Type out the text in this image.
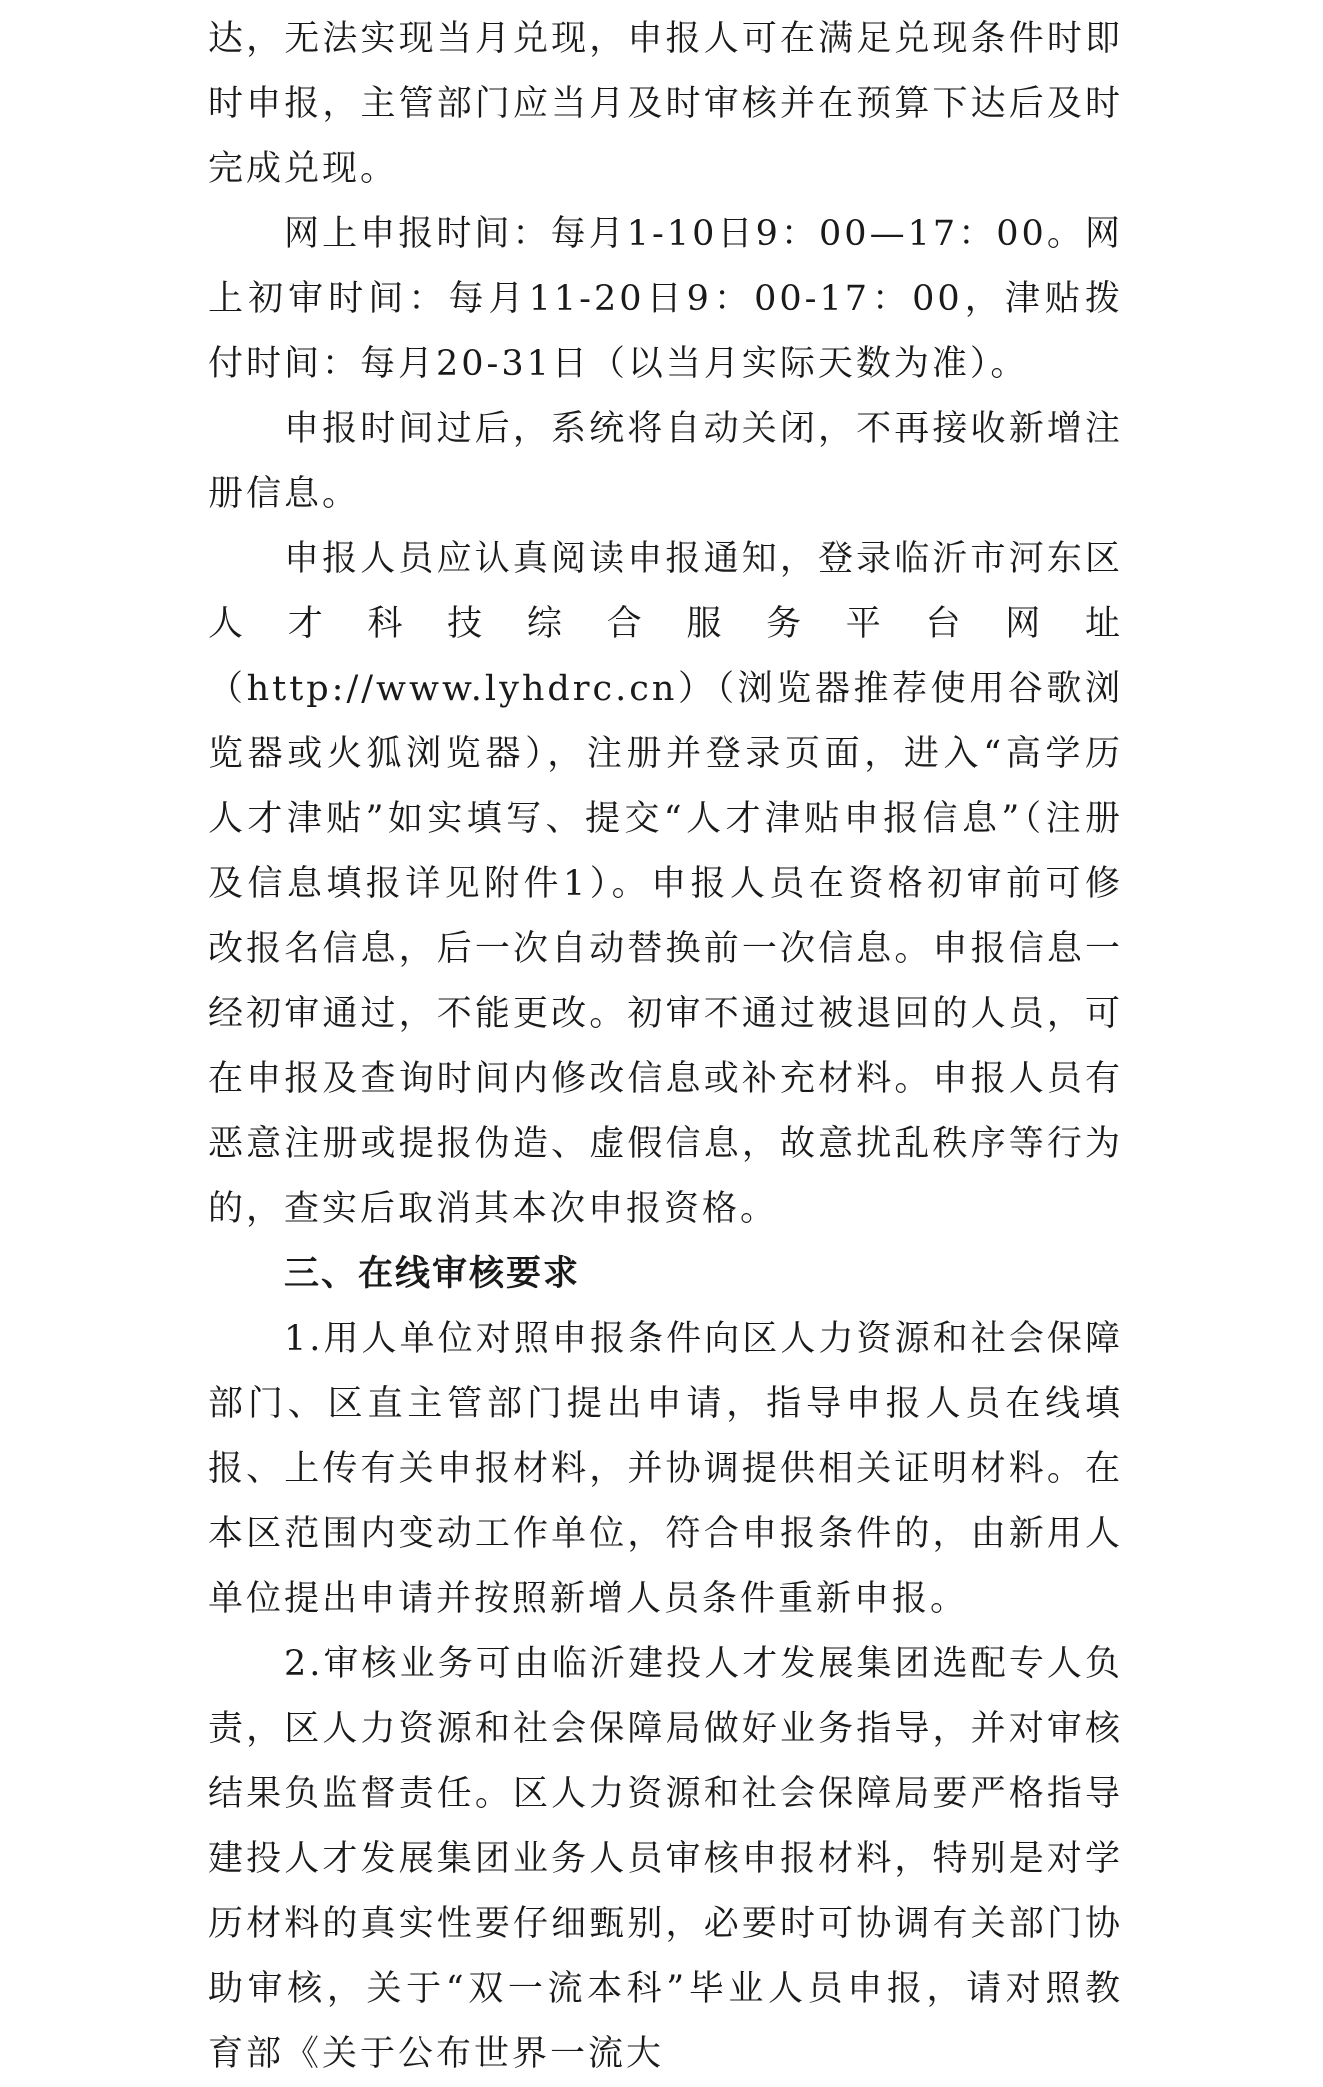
达，无法实现当月兑现，申报人可在满足兑现条件时即时申报，主管部门应当月及时审核并在预算下达后及时完成兑现。

网上申报时间：每月1-10日9：00—17：00。网上初审时间：每月11-20日9：00-17：00，津贴拨付时间：每月20-31日（以当月实际天数为准）。

申报时间过后，系统将自动关闭，不再接收新增注册信息。

申报人员应认真阅读申报通知，登录临沂市河东区人才科技综合服务平台网址（http://www.lyhdrc.cn）（浏览器推荐使用谷歌浏览器或火狐浏览器），注册并登录页面，进入“高学历人才津贴”如实填写、提交“人才津贴申报信息”（注册及信息填报详见附件1）。申报人员在资格初审前可修改报名信息，后一次自动替换前一次信息。申报信息一经初审通过，不能更改。初审不通过被退回的人员，可在申报及查询时间内修改信息或补充材料。申报人员有恶意注册或提报伪造、虚假信息，故意扰乱秩序等行为的，查实后取消其本次申报资格。

三、在线审核要求

1.用人单位对照申报条件向区人力资源和社会保障部门、区直主管部门提出申请，指导申报人员在线填报、上传有关申报材料，并协调提供相关证明材料。在本区范围内变动工作单位，符合申报条件的，由新用人单位提出申请并按照新增人员条件重新申报。

2.审核业务可由临沂建投人才发展集团选配专人负责，区人力资源和社会保障局做好业务指导，并对审核结果负监督责任。区人力资源和社会保障局要严格指导建投人才发展集团业务人员审核申报材料，特别是对学历材料的真实性要仔细甄别，必要时可协调有关部门协助审核，关于“双一流本科”毕业人员申报，请对照教育部《关于公布世界一流大
